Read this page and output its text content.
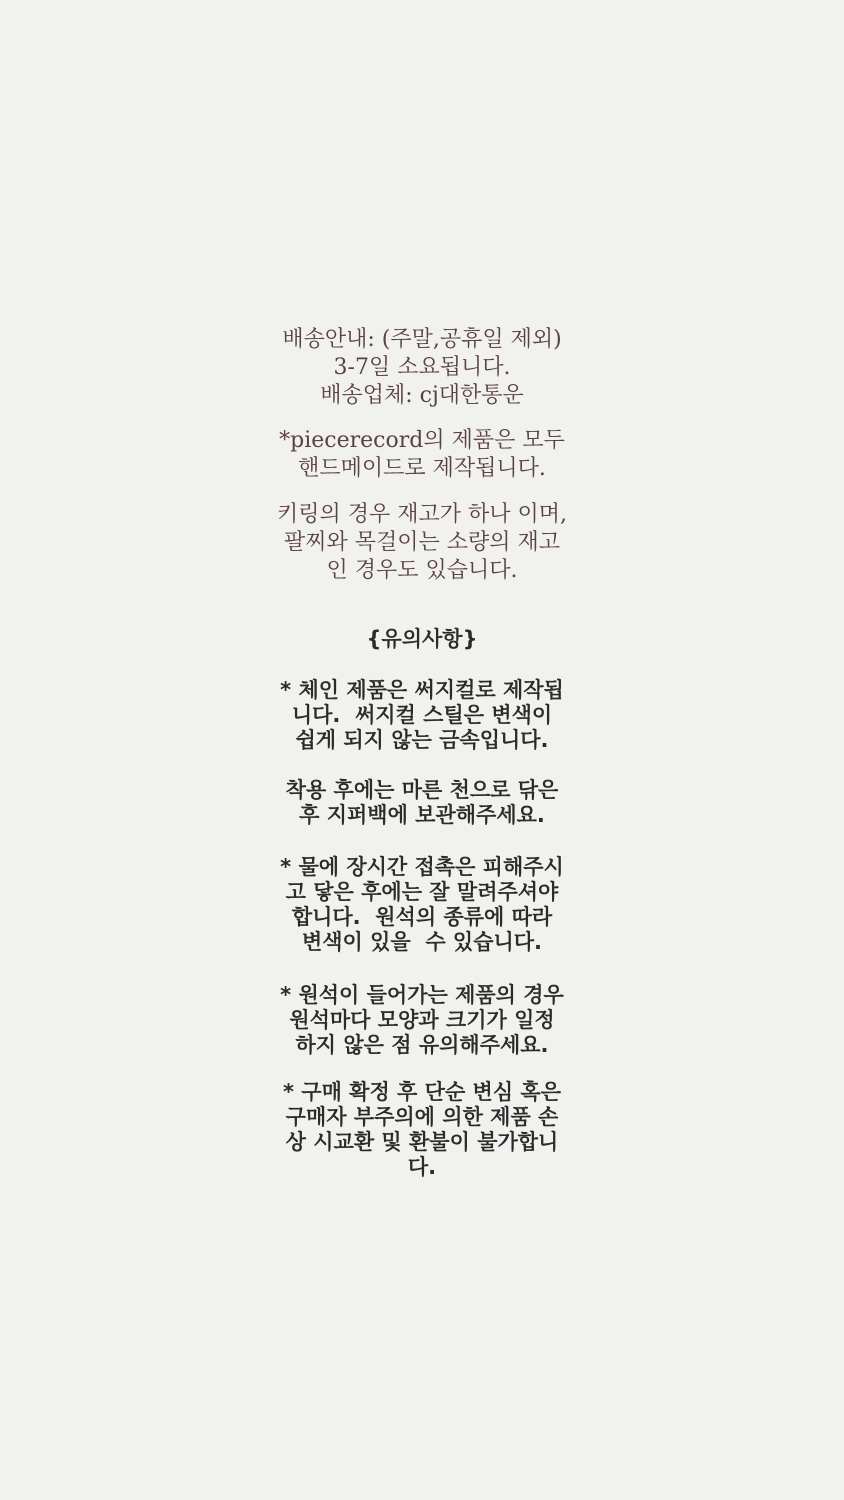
배송안내: (주말,공휴일 제외)
3-7일 소요됩니다.
배송업체: cj대한통운

*piecerecord의 제품은 모두
핸드메이드로 제작됩니다.

키링의 경우 재고가 하나 이며,
팔찌와 목걸이는 소량의 재고
인 경우도 있습니다.

{유의사항}

* 체인 제품은 써지컬로 제작됩
니다.  써지컬 스틸은 변색이
쉽게 되지 않는 금속입니다.

착용 후에는 마른 천으로 닦은
후 지퍼백에 보관해주세요.

* 물에 장시간 접촉은 피해주시
고 닿은 후에는 잘 말려주셔야
합니다.  원석의 종류에 따라
변색이 있을  수 있습니다.

* 원석이 들어가는 제품의 경우
원석마다 모양과 크기가 일정
하지 않은 점 유의해주세요.

* 구매 확정 후 단순 변심 혹은
구매자 부주의에 의한 제품 손
상 시교환 및 환불이 불가합니
다.
